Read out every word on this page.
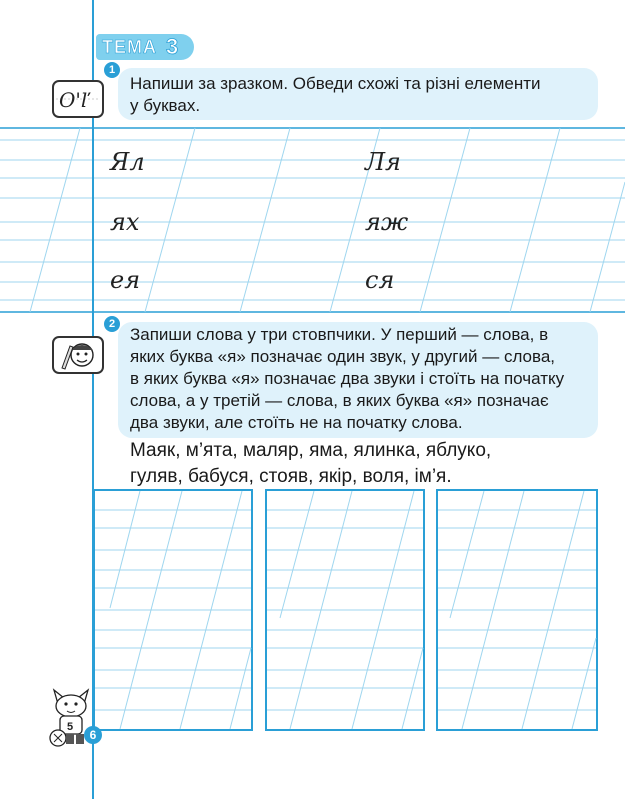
ТЕМА 3
O'ľ
1
Напиши за зразком. Обведи схожі та різні елементи
у буквах.
Ял	Ля
ях	яж
ея	ся
2
Запиши слова у три стовпчики. У перший — слова, в
яких буква «я» позначає один звук, у другий — слова,
в яких буква «я» позначає два звуки і стоїть на початку
слова, а у третій — слова, в яких буква «я» позначає
два звуки, але стоїть не на початку слова.
Маяк, м’ята, маляр, яма, ялинка, яблуко,
гуляв, бабуся, стояв, якір, воля, ім’я.
5
6
